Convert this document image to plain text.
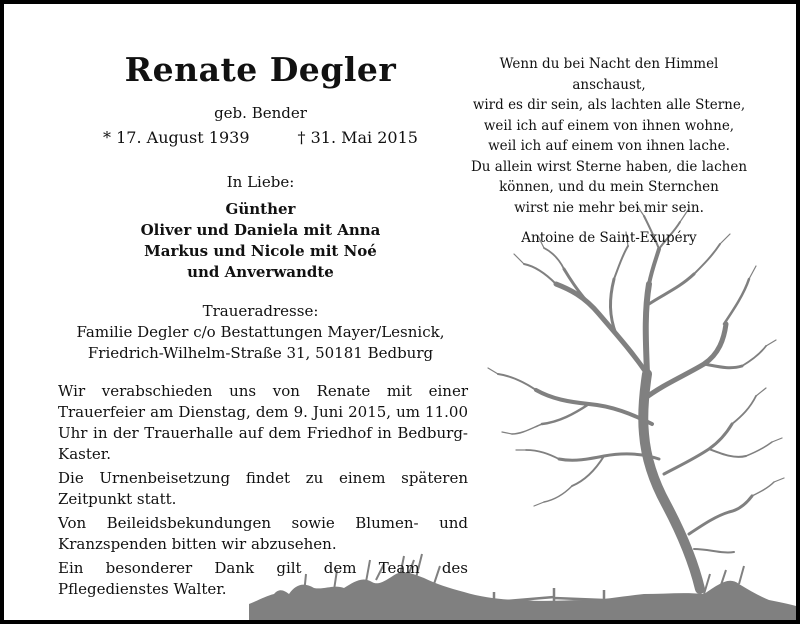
Renate Degler
geb. Bender
* 17. August 1939	† 31. Mai 2015
In Liebe:
Günther
Oliver und Daniela mit Anna
Markus und Nicole mit Noé
und Anverwandte
Traueradresse:
Familie Degler c/o Bestattungen Mayer/Lesnick,
Friedrich-Wilhelm-Straße 31, 50181 Bedburg

Wir verabschieden uns von Renate mit einer Trauerfeier am Dienstag, dem 9. Juni 2015, um 11.00 Uhr in der Trauerhalle auf dem Friedhof in Bedburg-Kaster.

Die Urnenbeisetzung findet zu einem späteren Zeitpunkt statt.

Von Beileidsbekundungen sowie Blumen- und Kranzspenden bitten wir abzusehen.

Ein besonderer Dank gilt dem Team des Pflegedienstes Walter.

Wenn du bei Nacht den Himmel anschaust,
wird es dir sein, als lachten alle Sterne,
weil ich auf einem von ihnen wohne,
weil ich auf einem von ihnen lache.
Du allein wirst Sterne haben, die lachen
können, und du mein Sternchen
wirst nie mehr bei mir sein.
Antoine de Saint-Exupéry
